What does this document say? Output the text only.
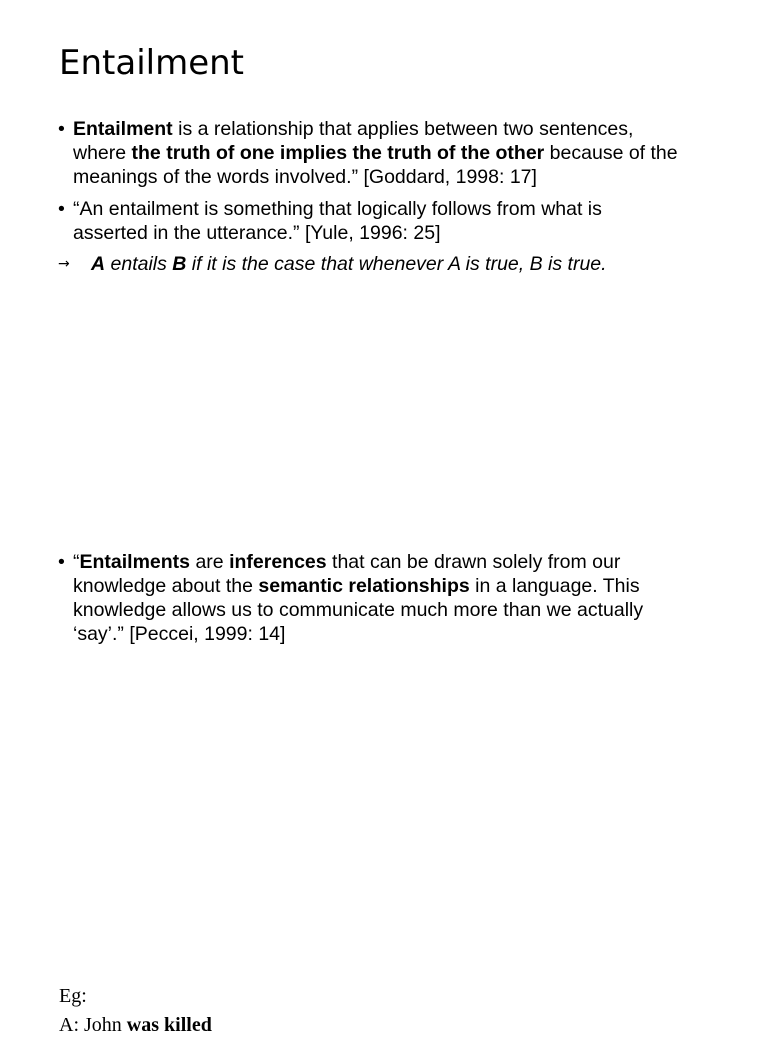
Entailment
• Entailment is a relationship that applies between two sentences,
where the truth of one implies the truth of the other because of the
meanings of the words involved.” [Goddard, 1998: 17]
• “An entailment is something that logically follows from what is
asserted in the utterance.” [Yule, 1996: 25]
→ A entails B if it is the case that whenever A is true, B is true.
• “Entailments are inferences that can be drawn solely from our
knowledge about the semantic relationships in a language. This
knowledge allows us to communicate much more than we actually
‘say’.” [Peccei, 1999: 14]
Eg:
A: John was killed
